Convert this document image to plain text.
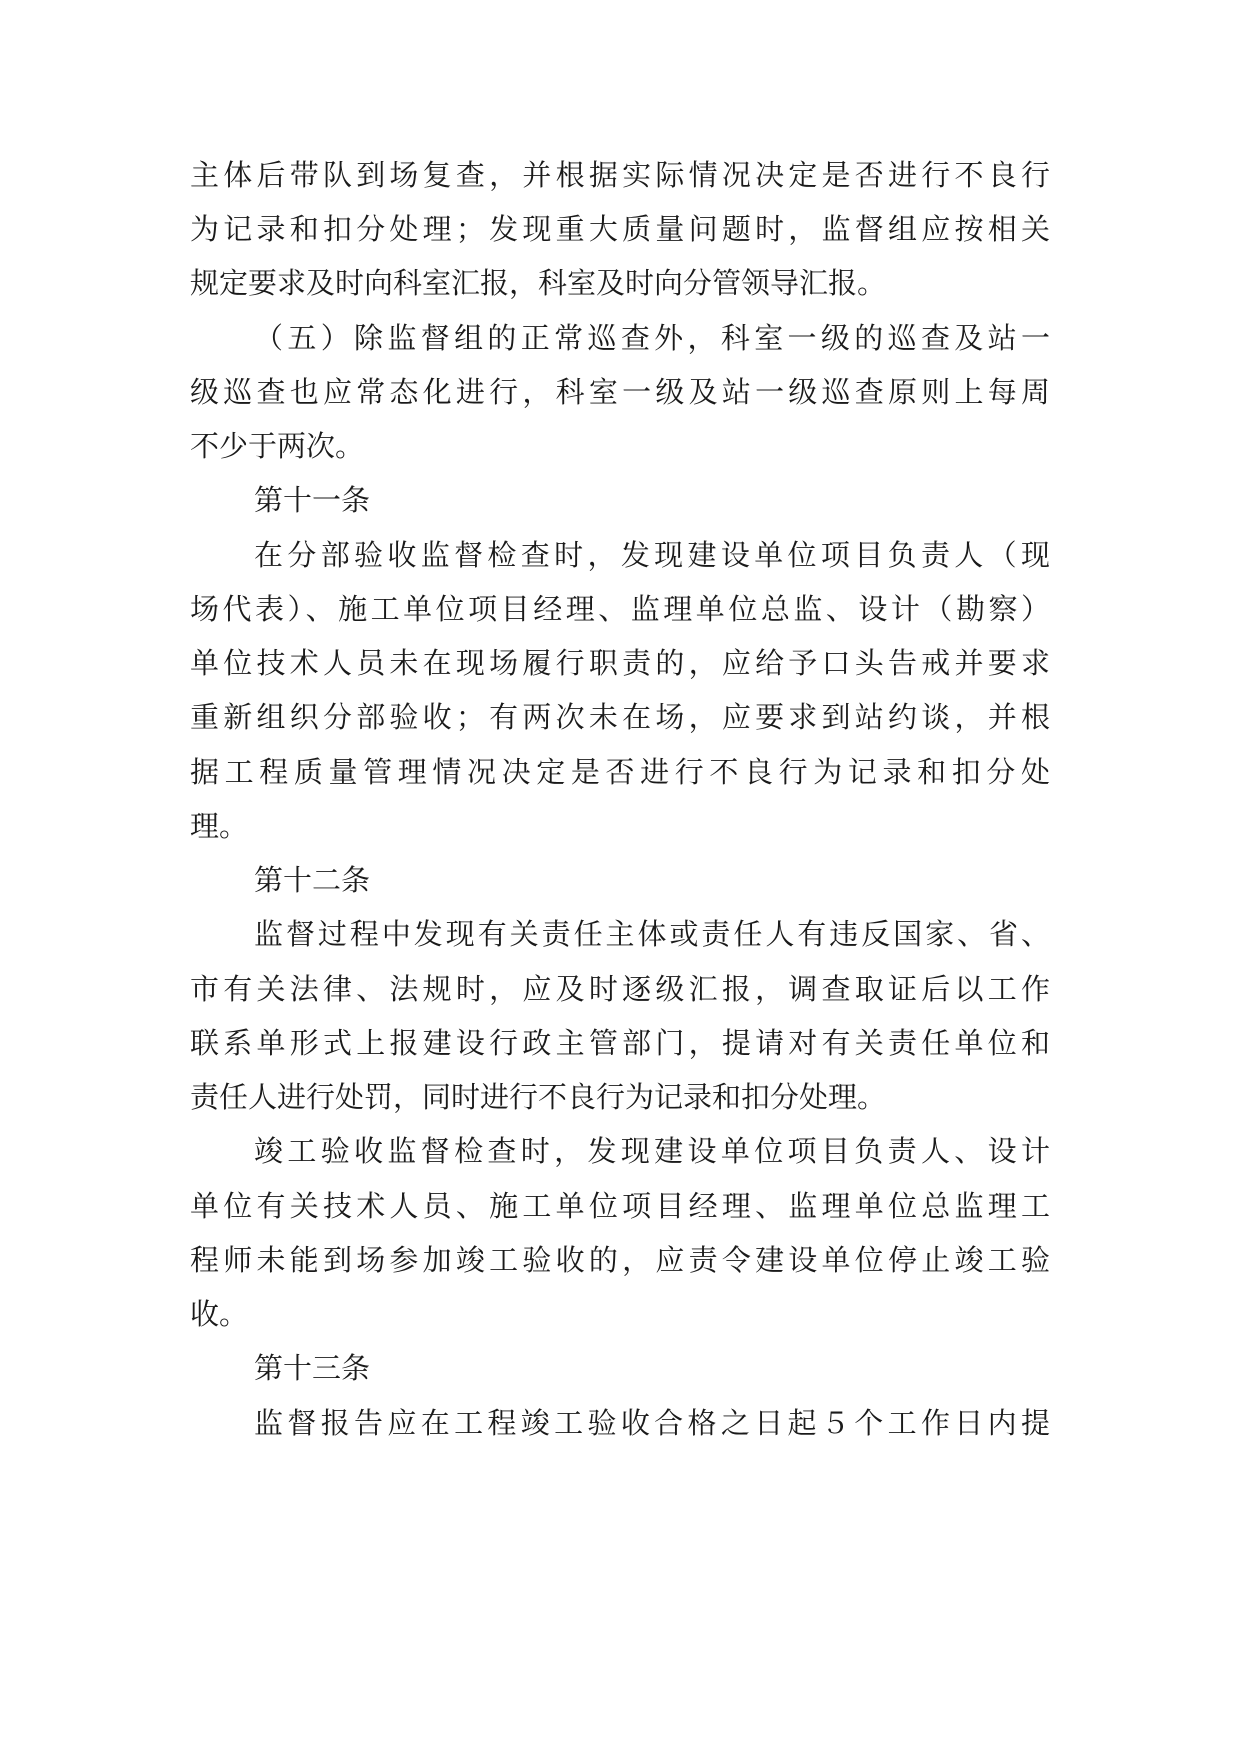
主体后带队到场复查，并根据实际情况决定是否进行不良行
为记录和扣分处理；发现重大质量问题时，监督组应按相关
规定要求及时向科室汇报，科室及时向分管领导汇报。
（五）除监督组的正常巡查外，科室一级的巡查及站一
级巡查也应常态化进行，科室一级及站一级巡查原则上每周
不少于两次。
第十一条
在分部验收监督检查时，发现建设单位项目负责人（现
场代表）、施工单位项目经理、监理单位总监、设计（勘察）
单位技术人员未在现场履行职责的，应给予口头告戒并要求
重新组织分部验收；有两次未在场，应要求到站约谈，并根
据工程质量管理情况决定是否进行不良行为记录和扣分处
理。
第十二条
监督过程中发现有关责任主体或责任人有违反国家、省、
市有关法律、法规时，应及时逐级汇报，调查取证后以工作
联系单形式上报建设行政主管部门，提请对有关责任单位和
责任人进行处罚，同时进行不良行为记录和扣分处理。
竣工验收监督检查时，发现建设单位项目负责人、设计
单位有关技术人员、施工单位项目经理、监理单位总监理工
程师未能到场参加竣工验收的，应责令建设单位停止竣工验
收。
第十三条
监督报告应在工程竣工验收合格之日起５个工作日内提
